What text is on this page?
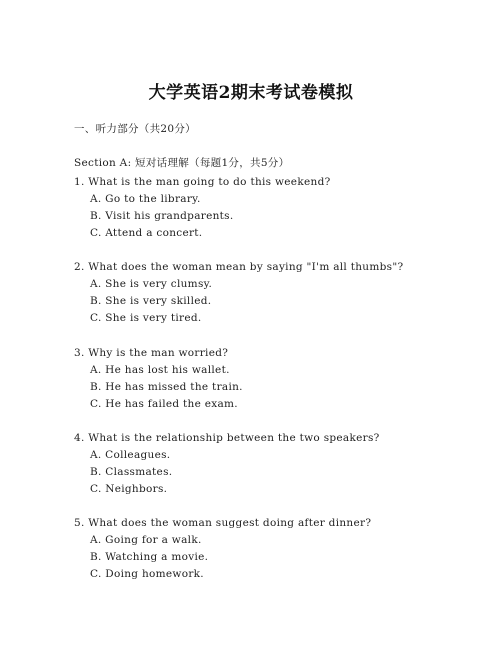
大学英语2期末考试卷模拟
一、听力部分（共20分）
Section A: 短对话理解（每题1分，共5分）
1. What is the man going to do this weekend?
A. Go to the library.
B. Visit his grandparents.
C. Attend a concert.
2. What does the woman mean by saying "I'm all thumbs"?
A. She is very clumsy.
B. She is very skilled.
C. She is very tired.
3. Why is the man worried?
A. He has lost his wallet.
B. He has missed the train.
C. He has failed the exam.
4. What is the relationship between the two speakers?
A. Colleagues.
B. Classmates.
C. Neighbors.
5. What does the woman suggest doing after dinner?
A. Going for a walk.
B. Watching a movie.
C. Doing homework.
